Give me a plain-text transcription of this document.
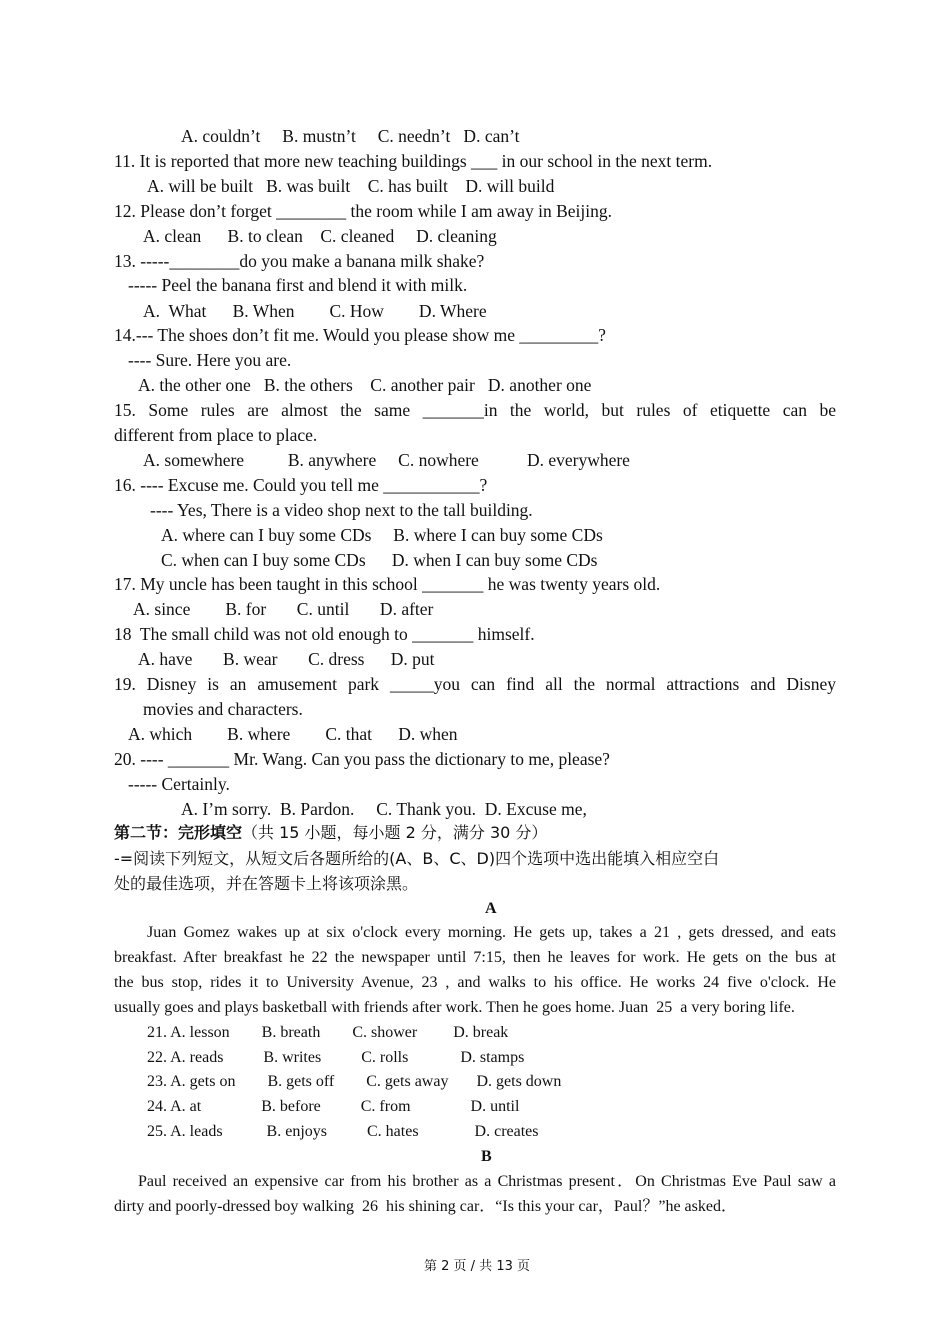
A. couldn’t     B. mustn’t     C. needn’t   D. can’t
11. It is reported that more new teaching buildings ___ in our school in the next term.
A. will be built   B. was built    C. has built    D. will build
12. Please don’t forget ________ the room while I am away in Beijing.
A. clean      B. to clean    C. cleaned     D. cleaning
13. -----________do you make a banana milk shake?
----- Peel the banana first and blend it with milk.
A.  What      B. When        C. How        D. Where
14.--- The shoes don’t fit me. Would you please show me _________?
---- Sure. Here you are.
A. the other one   B. the others    C. another pair   D. another one
15. Some rules are almost the same _______in the world, but rules of etiquette can be
different from place to place.
A. somewhere          B. anywhere     C. nowhere           D. everywhere
16. ---- Excuse me. Could you tell me ___________?
---- Yes, There is a video shop next to the tall building.
A. where can I buy some CDs     B. where I can buy some CDs
C. when can I buy some CDs      D. when I can buy some CDs
17. My uncle has been taught in this school _______ he was twenty years old.
A. since        B. for       C. until       D. after
18  The small child was not old enough to _______ himself.
A. have       B. wear       C. dress      D. put
19. Disney is an amusement park _____you can find all the normal attractions and Disney
movies and characters.
A. which        B. where        C. that      D. when
20. ---- _______ Mr. Wang. Can you pass the dictionary to me, please?
----- Certainly.
A. I’m sorry.  B. Pardon.     C. Thank you.  D. Excuse me,
第二节：完形填空（共 15 小题，每小题 2 分，满分 30 分）
-=阅读下列短文，从短文后各题所给的(A、B、C、D)四个选项中选出能填入相应空白
处的最佳选项，并在答题卡上将该项涂黑。
A
Juan Gomez wakes up at six o'clock every morning. He gets up, takes a 21 , gets dressed, and eats
breakfast. After breakfast he 22 the newspaper until 7:15, then he leaves for work. He gets on the bus at
the bus stop, rides it to University Avenue, 23 , and walks to his office. He works 24 five o'clock. He
usually goes and plays basketball with friends after work. Then he goes home. Juan  25  a very boring life.
21. A. lesson        B. breath        C. shower         D. break
22. A. reads          B. writes          C. rolls             D. stamps
23. A. gets on        B. gets off        C. gets away       D. gets down
24. A. at               B. before          C. from               D. until
25. A. leads           B. enjoys          C. hates              D. creates
B
Paul received an expensive car from his brother as a Christmas present．On Christmas Eve Paul saw a
dirty and poorly-dressed boy walking  26  his shining car．“Is this your car，Paul？”he asked．
第 2 页 / 共 13 页
